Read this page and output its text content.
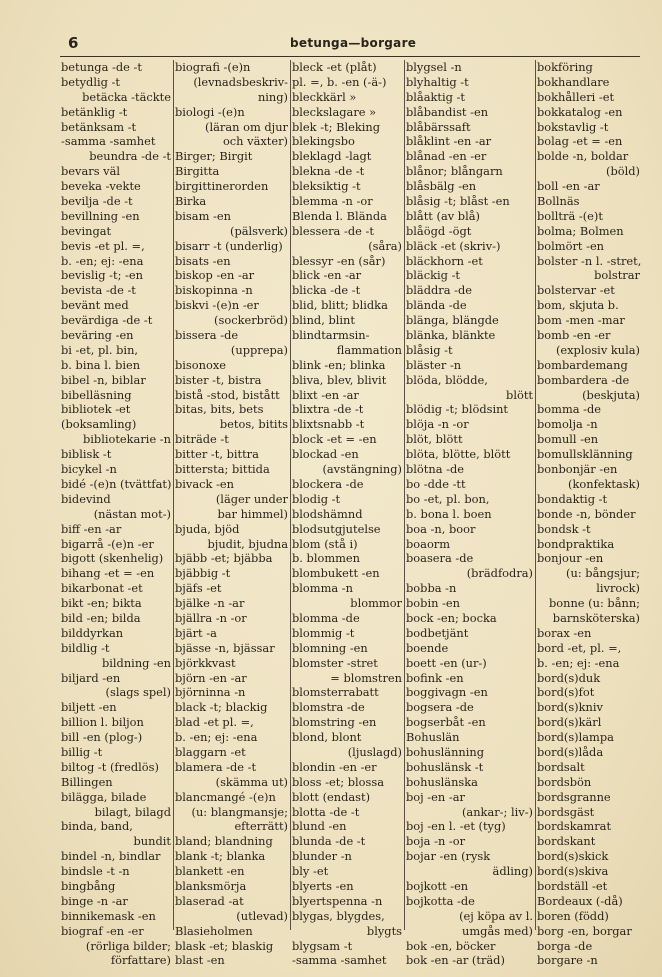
6	betunga—borgare
betunga -de -t
betydlig -t
betäcka -täckte
betänklig -t
betänksam -t
-samma -samhet
beundra -de -t
bevars väl
beveka -vekte
bevilja -de -t
bevillning -en
bevingat
bevis -et pl. =,
b. -en; ej: -ena
bevislig -t; -en
bevista -de -t
bevänt med
bevärdiga -de -t
beväring -en
bi -et, pl. bin,
b. bina l. bien
bibel -n, biblar
bibelläsning
bibliotek -et
(boksamling)
bibliotekarie -n
biblisk -t
bicykel -n
bidé -(e)n (tvättfat)
bidevind
(nästan mot-)
biff -en -ar
bigarrå -(e)n -er
bigott (skenhelig)
bihang -et = -en
bikarbonat -et
bikt -en; bikta
bild -en; bilda
bilddyrkan
bildlig -t
bildning -en
biljard -en
(slags spel)
biljett -en
billion l. biljon
bill -en (plog-)
billig -t
biltog -t (fredlös)
Billingen
bilägga, bilade
bilagt, bilagd
binda, band,
bundit
bindel -n, bindlar
bindsle -t -n
bingbång
binge -n -ar
binnikemask -en
biograf -en -er
(rörliga bilder;
författare)
biografi -(e)n
(levnadsbeskriv-
ning)
biologi -(e)n
(läran om djur
och växter)
Birger; Birgit
Birgitta
birgittinerorden
Birka
bisam -en
(pälsverk)
bisarr -t (underlig)
bisats -en
biskop -en -ar
biskopinna -n
biskvi -(e)n -er
(sockerbröd)
bissera -de
(upprepa)
bisonoxe
bister -t, bistra
bistå -stod, bistått
bitas, bits, bets
betos, bitits
biträde -t
bitter -t, bittra
bittersta; bittida
bivack -en
(läger under
bar himmel)
bjuda, bjöd
bjudit, bjudna
bjäbb -et; bjäbba
bjäbbig -t
bjäfs -et
bjälke -n -ar
bjällra -n -or
bjärt -a
bjässe -n, bjässar
björkkvast
björn -en -ar
björninna -n
black -t; blackig
blad -et pl. =,
b. -en; ej: -ena
blaggarn -et
blamera -de -t
(skämma ut)
blancmangé -(e)n
(u: blangmansje;
efterrätt)
bland; blandning
blank -t; blanka
blankett -en
blanksmörja
blaserad -at
(utlevad)
Blasieholmen
blask -et; blaskig
blast -en
bleck -et (plåt)
pl. =, b. -en (-ä-)
bleckkärl »
bleckslagare »
blek -t; Bleking
blekingsbo
bleklagd -lagt
blekna -de -t
bleksiktig -t
blemma -n -or
Blenda l. Blända
blessera -de -t
(såra)
blessyr -en (sår)
blick -en -ar
blicka -de -t
blid, blitt; blidka
blind, blint
blindtarmsin-
flammation
blink -en; blinka
bliva, blev, blivit
blixt -en -ar
blixtra -de -t
blixtsnabb -t
block -et = -en
blockad -en
(avstängning)
blockera -de
blodig -t
blodshämnd
blodsutgjutelse
blom (stå i)
b. blommen
blombukett -en
blomma -n
blommor
blomma -de
blommig -t
blomning -en
blomster -stret
= blomstren
blomsterrabatt
blomstra -de
blomstring -en
blond, blont
(ljuslagd)
blondin -en -er
bloss -et; blossa
blott (endast)
blotta -de -t
blund -en
blunda -de -t
blunder -n
bly -et
blyerts -en
blyertspenna -n
blygas, blygdes,
blygts
blygsam -t
-samma -samhet
blygsel -n
blyhaltig -t
blåaktig -t
blåbandist -en
blåbärssaft
blåklint -en -ar
blånad -en -er
blånor; blångarn
blåsbälg -en
blåsig -t; blåst -en
blått (av blå)
blåögd -ögt
bläck -et (skriv-)
bläckhorn -et
bläckig -t
bläddra -de
blända -de
blänga, blängde
blänka, blänkte
blåsig -t
bläster -n
blöda, blödde,
blött
blödig -t; blödsint
blöja -n -or
blöt, blött
blöta, blötte, blött
blötna -de
bo -dde -tt
bo -et, pl. bon,
b. bona l. boen
boa -n, boor
boaorm
boasera -de
(brädfodra)
bobba -n
bobin -en
bock -en; bocka
bodbetjänt
boende
boett -en (ur-)
bofink -en
boggivagn -en
bogsera -de
bogserbåt -en
Bohuslän
bohuslänning
bohuslänsk -t
bohuslänska
boj -en -ar
(ankar-; liv-)
boj -en l. -et (tyg)
boja -n -or
bojar -en (rysk
ädling)
bojkott -en
bojkotta -de
(ej köpa av l.
umgås med)
bok -en, böcker
bok -en -ar (träd)
bokföring
bokhandlare
bokhålleri -et
bokkatalog -en
bokstavlig -t
bolag -et = -en
bolde -n, boldar
(böld)
boll -en -ar
Bollnäs
bollträ -(e)t
bolma; Bolmen
bolmört -en
bolster -n l. -stret,
bolstrar
bolstervar -et
bom, skjuta b.
bom -men -mar
bomb -en -er
(explosiv kula)
bombardemang
bombardera -de
(beskjuta)
bomma -de
bomolja -n
bomull -en
bomullsklänning
bonbonjär -en
(konfektask)
bondaktig -t
bonde -n, bönder
bondsk -t
bondpraktika
bonjour -en
(u: bångsjur;
livrock)
bonne (u: bånn;
barnsköterska)
borax -en
bord -et, pl. =,
b. -en; ej: -ena
bord(s)duk
bord(s)fot
bord(s)kniv
bord(s)kärl
bord(s)lampa
bord(s)låda
bordsalt
bordsbön
bordsgranne
bordsgäst
bordskamrat
bordskant
bord(s)skick
bord(s)skiva
bordställ -et
Bordeaux (-då)
boren (född)
borg -en, borgar
borga -de
borgare -n
